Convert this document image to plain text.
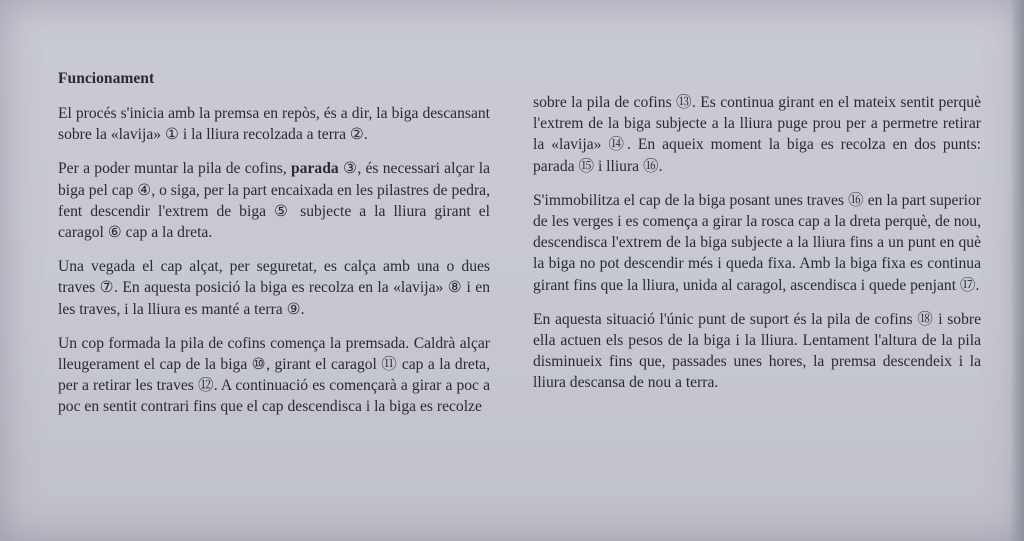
Funcionament

El procés s'inicia amb la premsa en repòs, és a dir, la biga descansant sobre la «lavija» ① i la lliura recolzada a terra ②.

Per a poder muntar la pila de cofins, parada ③, és necessari alçar la biga pel cap ④, o siga, per la part encaixada en les pilastres de pedra, fent descendir l'extrem de biga ⑤ subjecte a la lliura girant el caragol ⑥ cap a la dreta.

Una vegada el cap alçat, per seguretat, es calça amb una o dues traves ⑦. En aquesta posició la biga es recolza en la «lavija» ⑧ i en les traves, i la lliura es manté a terra ⑨.

Un cop formada la pila de cofins comença la premsada. Caldrà alçar lleugerament el cap de la biga ⑩, girant el caragol ⑪ cap a la dreta, per a retirar les traves ⑫. A continuació es començarà a girar a poc a poc en sentit contrari fins que el cap descendisca i la biga es recolze

sobre la pila de cofins ⑬. Es continua girant en el mateix sentit perquè l'extrem de la biga subjecte a la lliura puge prou per a permetre retirar la «lavija» ⑭. En aqueix moment la biga es recolza en dos punts: parada ⑮ i lliura ⑯.

S'immobilitza el cap de la biga posant unes traves ⑯ en la part superior de les verges i es comença a girar la rosca cap a la dreta perquè, de nou, descendisca l'extrem de la biga subjecte a la lliura fins a un punt en què la biga no pot descendir més i queda fixa. Amb la biga fixa es continua girant fins que la lliura, unida al caragol, ascendisca i quede penjant ⑰.

En aquesta situació l'únic punt de suport és la pila de cofins ⑱ i sobre ella actuen els pesos de la biga i la lliura. Lentament l'altura de la pila disminueix fins que, passades unes hores, la premsa descendeix i la lliura descansa de nou a terra.
